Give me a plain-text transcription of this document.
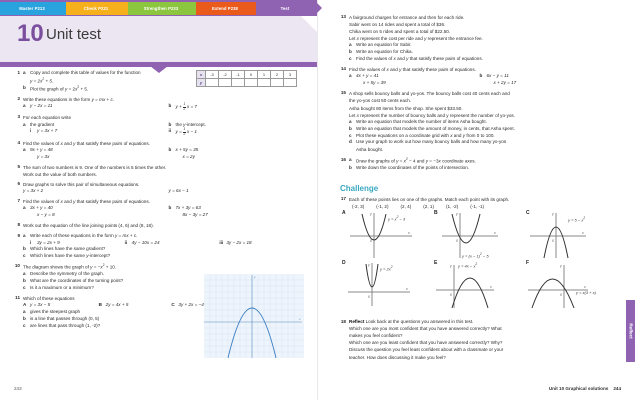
Master P213	Check P231	Strengthen P233	Extend P238	Test
10 Unit test
1 a Copy and complete this table of values for the function
$y = 2x^2 + 5$.
b Plot the graph of $y = 2x^2 + 5$.
2 Write these equations in the form y = mx + c.
a y − 2x = 11	b $y + \frac{1}{2}$ x = 7
3 For each equation write
a the gradient	b the y-intercept.
i	y = 3x + 7	ii $y = \frac{1}{2}$ x − 1
4 Find the values of x and y that satisfy these pairs of equations.
a 9x + y = 48	b x + 5y = 35
y = 3x	x = 2y
5 The sum of two numbers is 9. One of the numbers is 5 times the other.
Work out the value of both numbers.
6 Draw graphs to solve this pair of simultaneous equations.
y = 3x + 2	y = 6x − 1
7 Find the values of x and y that satisfy these pairs of equations.
a 3x + y = 40	b 7x + 3y = 63
x − y = 8	8x − 3y = 27
8 Work out the equation of the line joining points (4, 6) and (8, 18).
9 a Write each of these equations in the form y = mx + c.
i	3y = 2x + 9	ii 4y − 10x = 24	iii 3y − 2x = 18
b Which lines have the same gradient?
c Which lines have the same y-intercept?
10 The diagram shows the graph of $y = -x^2 + 10$.
a Describe the symmetry of the graph.
b What are the coordinates of the turning point?
c Is it a maximum or a minimum?
11 Which of these equations
A y = 3x − 5	B 2y = 4x + 5	C 3y + 2x = −4
a gives the steepest graph
b is a line that passes through (0, 5)
c are lines that pass through (1, -2)?
x	-3	-2	-1	0	1	2	3
y							
y
x
243
13 A fairground charges for entrance and then for each ride.
Sabir went on 14 rides and spent a total of $36.
Chika went on 5 rides and spent a total of $22.50.
Let x represent the cost per ride and y represent the entrance fee.
a Write an equation for Sabir.
b Write an equation for Chika.
c Find the values of x and y that satisfy these pairs of equations.
14 Find the values of x and y that satisfy these pairs of equations.
a 4x + y = 41	b 6x − y = 11
x + 5y = 39	x + 2y = 17
15 A shop sells bouncy balls and yo-yos. The bouncy balls cost 40 cents each and
the yo-yos cost 50 cents each.
Asha bought 80 items from the shop. She spent $33.50.
Let x represent the number of bouncy balls and y represent the number of yo-yos.
a Write an equation that models the number of items Asha bought.
b Write an equation that models the amount of money, in cents, that Asha spent.
c Plot these equations on a coordinate grid with x and y from 0 to 100.
d Use your graph to work out how many bouncy balls and how many yo-yos
Asha bought.
16 a Draw the graphs of $y = x^2 - 4$ and y = −3x coordinate axes.
b Write down the coordinates of the points of intersection.
Challenge
17 Each of these points lies on one of the graphs. Match each point with its graph.
(-2, 3)	(-1, 2)	(2, 4)	(2, 1)	(1, -2)	(-1, -1)
A
0
y
x
$y = x^2 - 3$
B
0
y
x
$y = (x - 1)^2 - 5$
C
0
y
x
$y = 5 - x^2$
D
0
y
x
$y = 2x^2$
E
0
y
x
$y = 4x - x^2$	F
0
y
x
y = x(3 + x)
18 Reflect Look back at the questions you answered in this test.
Which one are you most confident that you have answered correctly? What
makes you feel confident?
Which one are you least confident that you have answered correctly? Why?
Discuss the question you feel least confident about with a classmate or your
teacher. How does discussing it make you feel?
Reflect
Unit 10 Graphical solutions 244
